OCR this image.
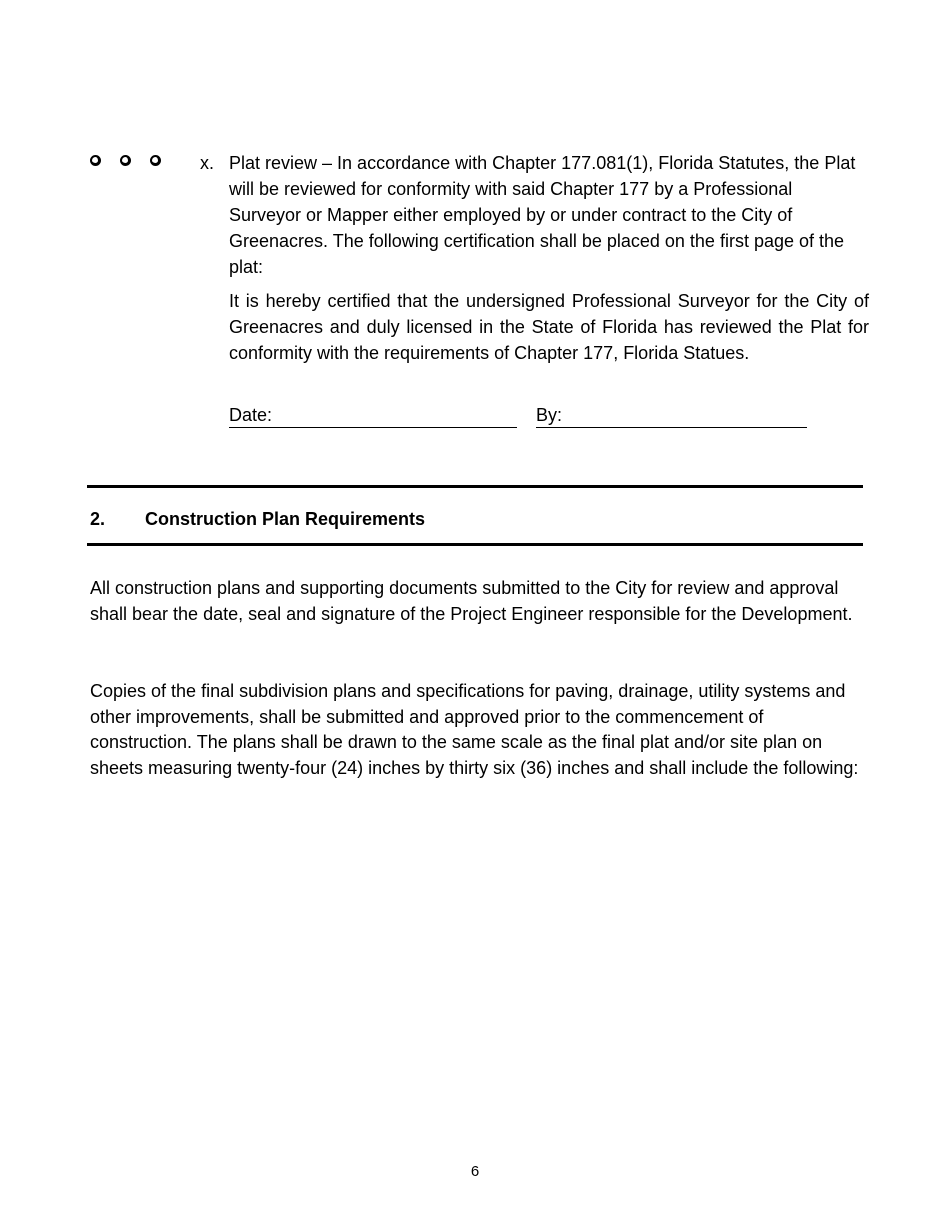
x. Plat review – In accordance with Chapter 177.081(1), Florida Statutes, the Plat will be reviewed for conformity with said Chapter 177 by a Professional Surveyor or Mapper either employed by or under contract to the City of Greenacres. The following certification shall be placed on the first page of the plat:
It is hereby certified that the undersigned Professional Surveyor for the City of Greenacres and duly licensed in the State of Florida has reviewed the Plat for conformity with the requirements of Chapter 177, Florida Statues.
Date:	By:
2. Construction Plan Requirements
All construction plans and supporting documents submitted to the City for review and approval shall bear the date, seal and signature of the Project Engineer responsible for the Development.
Copies of the final subdivision plans and specifications for paving, drainage, utility systems and other improvements, shall be submitted and approved prior to the commencement of construction. The plans shall be drawn to the same scale as the final plat and/or site plan on sheets measuring twenty-four (24) inches by thirty six (36) inches and shall include the following:
6
